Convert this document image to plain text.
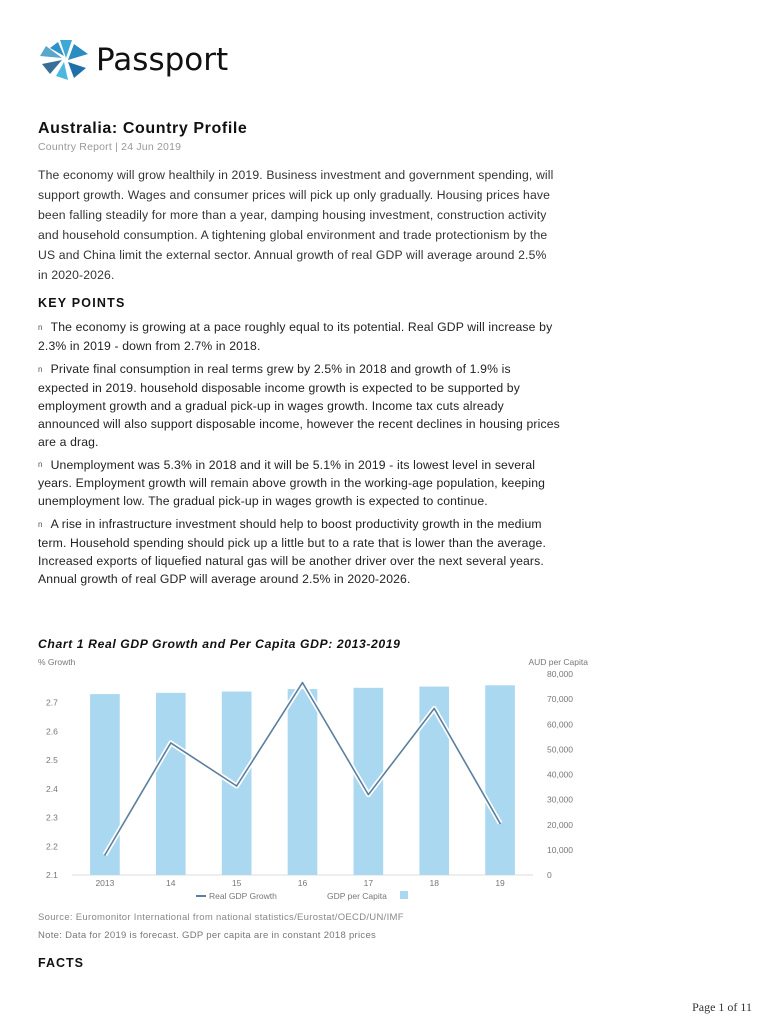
Passport
Australia: Country Profile
Country Report | 24 Jun 2019

The economy will grow healthily in 2019. Business investment and government spending, will support growth. Wages and consumer prices will pick up only gradually. Housing prices have been falling steadily for more than a year, damping housing investment, construction activity and household consumption. A tightening global environment and trade protectionism by the US and China limit the external sector. Annual growth of real GDP will average around 2.5% in 2020-2026.

KEY POINTS
n The economy is growing at a pace roughly equal to its potential. Real GDP will increase by 2.3% in 2019 - down from 2.7% in 2018.
n Private final consumption in real terms grew by 2.5% in 2018 and growth of 1.9% is expected in 2019. household disposable income growth is expected to be supported by employment growth and a gradual pick-up in wages growth. Income tax cuts already announced will also support disposable income, however the recent declines in housing prices are a drag.
n Unemployment was 5.3% in 2018 and it will be 5.1% in 2019 - its lowest level in several years. Employment growth will remain above growth in the working-age population, keeping unemployment low. The gradual pick-up in wages growth is expected to continue.
n A rise in infrastructure investment should help to boost productivity growth in the medium term. Household spending should pick up a little but to a rate that is lower than the average. Increased exports of liquefied natural gas will be another driver over the next several years. Annual growth of real GDP will average around 2.5% in 2020-2026.
Chart 1 Real GDP Growth and Per Capita GDP: 2013-2019
% Growth	AUD per Capita
2.1
2.2
2.3
2.4
2.5
2.6
2.7
0
10,000
20,000
30,000
40,000
50,000
60,000
70,000
80,000
2013	14	15	16	17	18	19
Real GDP Growth	GDP per Capita
Source: Euromonitor International from national statistics/Eurostat/OECD/UN/IMF
Note: Data for 2019 is forecast. GDP per capita are in constant 2018 prices
FACTS
Page 1 of 11
